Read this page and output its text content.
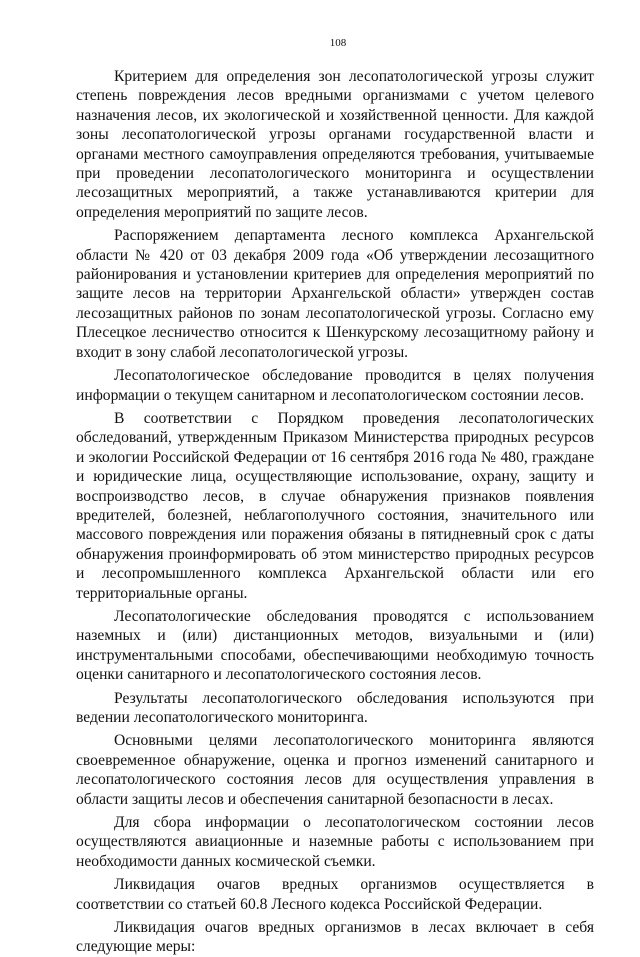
108

Критерием для определения зон лесопатологической угрозы служит степень повреждения лесов вредными организмами с учетом целевого назначения лесов, их экологической и хозяйственной ценности. Для каждой зоны лесопатологической угрозы органами государственной власти и органами местного самоуправления определяются требования, учитываемые при проведении лесопатологического мониторинга и осуществлении лесозащитных мероприятий, а также устанавливаются критерии для определения мероприятий по защите лесов.

Распоряжением департамента лесного комплекса Архангельской области № 420 от 03 декабря 2009 года «Об утверждении лесозащитного районирования и установлении критериев для определения мероприятий по защите лесов на территории Архангельской области» утвержден состав лесозащитных районов по зонам лесопатологической угрозы. Согласно ему Плесецкое лесничество относится к Шенкурскому лесозащитному району и входит в зону слабой лесопатологической угрозы.

Лесопатологическое обследование проводится в целях получения информации о текущем санитарном и лесопатологическом состоянии лесов.

В соответствии с Порядком проведения лесопатологических обследований, утвержденным Приказом Министерства природных ресурсов и экологии Российской Федерации от 16 сентября 2016 года № 480, граждане и юридические лица, осуществляющие использование, охрану, защиту и воспроизводство лесов, в случае обнаружения признаков появления вредителей, болезней, неблагополучного состояния, значительного или массового повреждения или поражения обязаны в пятидневный срок с даты обнаружения проинформировать об этом министерство природных ресурсов и лесопромышленного комплекса Архангельской области или его территориальные органы.

Лесопатологические обследования проводятся с использованием наземных и (или) дистанционных методов, визуальными и (или) инструментальными способами, обеспечивающими необходимую точность оценки санитарного и лесопатологического состояния лесов.

Результаты лесопатологического обследования используются при ведении лесопатологического мониторинга.

Основными целями лесопатологического мониторинга являются своевременное обнаружение, оценка и прогноз изменений санитарного и лесопатологического состояния лесов для осуществления управления в области защиты лесов и обеспечения санитарной безопасности в лесах.

Для сбора информации о лесопатологическом состоянии лесов осуществляются авиационные и наземные работы с использованием при необходимости данных космической съемки.

Ликвидация очагов вредных организмов осуществляется в соответствии со статьей 60.8 Лесного кодекса Российской Федерации.

Ликвидация очагов вредных организмов в лесах включает в себя следующие меры:
